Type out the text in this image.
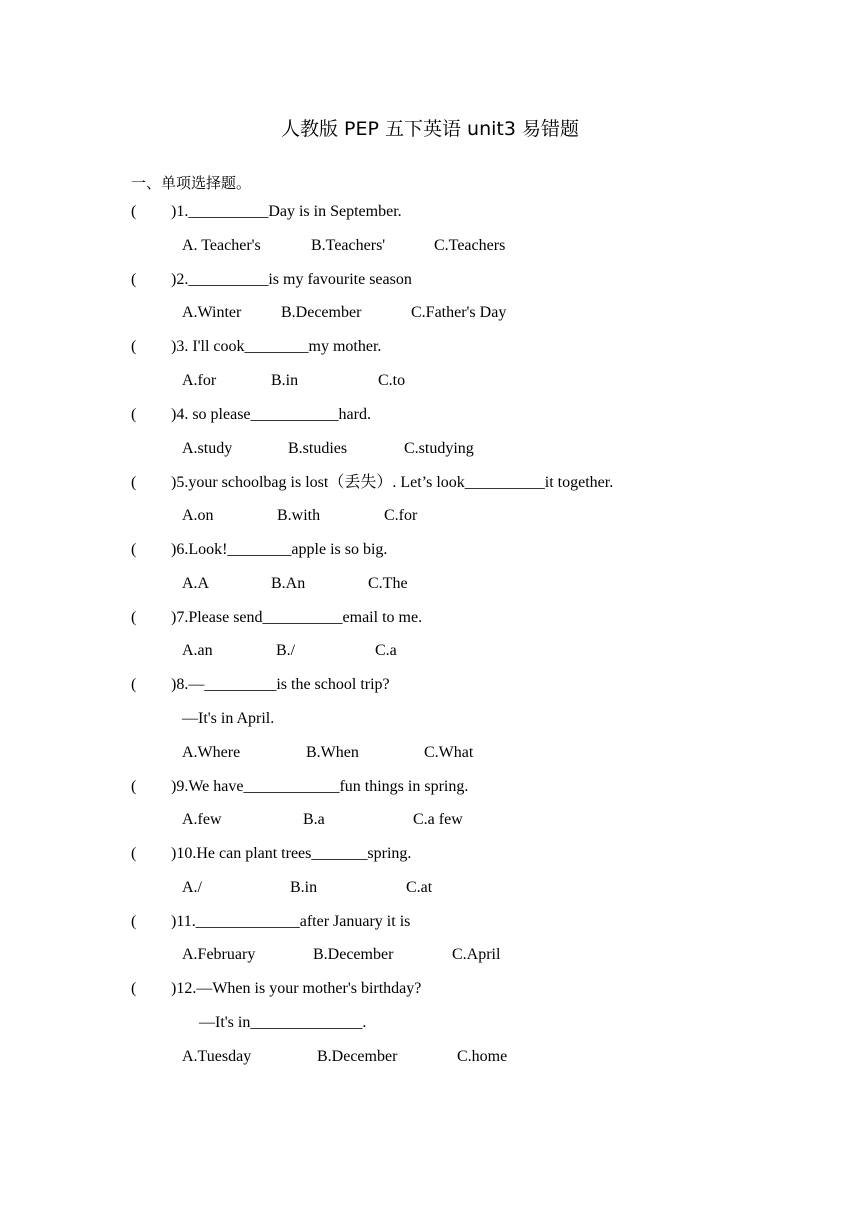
人教版 PEP 五下英语 unit3 易错题
一、单项选择题。
( )1.__________Day is in September.
A. Teacher's	B.Teachers'	C.Teachers
( )2.__________is my favourite season
A.Winter B.December	C.Father's Day
( )3. I'll cook________my mother.
A.for	B.in	C.to
( )4. so please___________hard.
A.study	B.studies	C.studying
( )5.your schoolbag is lost（丢失）. Let’s look__________it together.
A.on	B.with	C.for
( )6.Look!________apple is so big.
A.A	B.An	C.The
( )7.Please send__________email to me.
A.an	B./	C.a
( )8.—_________is the school trip?
—It's in April.
A.Where	B.When	C.What
( )9.We have____________fun things in spring.
A.few	B.a	C.a few
( )10.He can plant trees_______spring.
A./	B.in	C.at
( )11._____________after January it is
A.February	B.December	C.April
( )12.—When is your mother's birthday?
—It's in______________.
A.Tuesday	B.December	C.home
